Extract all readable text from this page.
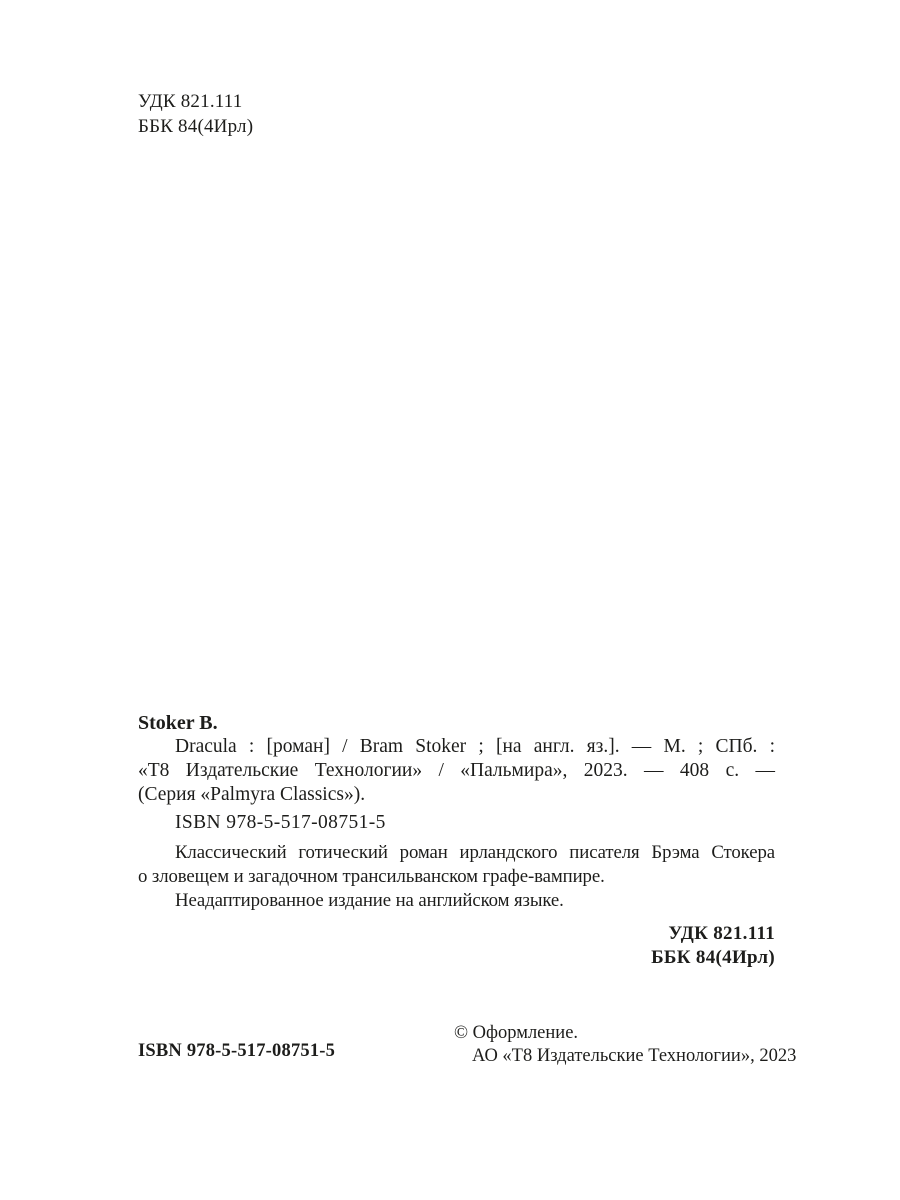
УДК 821.111
ББК 84(4Ирл)
Stoker B.
Dracula : [роман] / Bram Stoker ; [на англ. яз.]. — М. ; СПб. :
«Т8 Издательские Технологии» / «Пальмира», 2023. — 408 с. —
(Серия «Palmyra Classics»).
ISBN 978-5-517-08751-5
Классический готический роман ирландского писателя Брэма Стокера
о зловещем и загадочном трансильванском графе-вампире.
Неадаптированное издание на английском языке.
УДК 821.111
ББК 84(4Ирл)
ISBN 978-5-517-08751-5
© Оформление.
АО «Т8 Издательские Технологии», 2023
